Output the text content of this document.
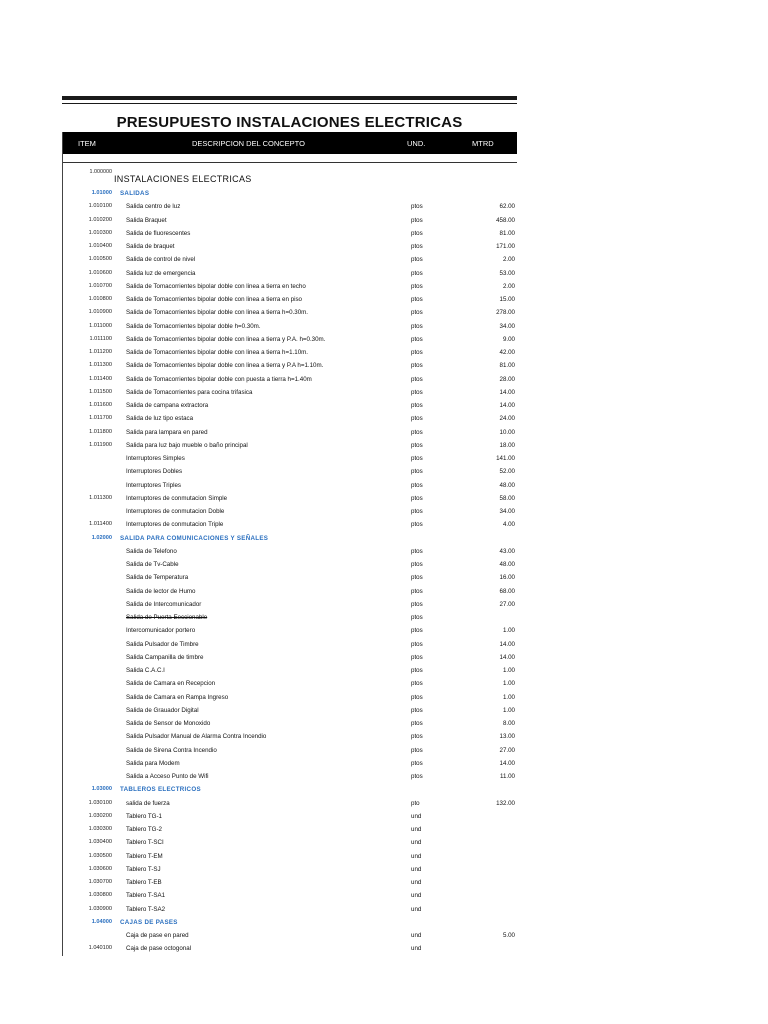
PRESUPUESTO INSTALACIONES ELECTRICAS
ITEM	DESCRIPCION DEL CONCEPTO	UND.	MTRD
1.000000
INSTALACIONES ELECTRICAS
1.01000 SALIDAS
1.010100 Salida centro de luz	ptos	62.00
1.010200 Salida Braquet	ptos	458.00
1.010300 Salida de fluorescentes	ptos	81.00
1.010400 Salida de braquet	ptos	171.00
1.010500 Salida de control de nivel	ptos	2.00
1.010600 Salida luz de emergencia	ptos	53.00
1.010700 Salida de Tomacorrientes bipolar doble con linea a tierra en techo	ptos	2.00
1.010800 Salida de Tomacorrientes bipolar doble con linea a tierra en piso	ptos	15.00
1.010900 Salida de Tomacorrientes bipolar doble con linea a tierra h=0.30m.	ptos	278.00
1.011000 Salida de Tomacorrientes bipolar doble h=0.30m.	ptos	34.00
1.011100 Salida de Tomacorrientes bipolar doble con linea a tierra y P.A. h=0.30m.	ptos	9.00
1.011200 Salida de Tomacorrientes bipolar doble con linea a tierra h=1.10m.	ptos	42.00
1.011300 Salida de Tomacorrientes bipolar doble con linea a tierra y P.A h=1.10m.	ptos	81.00
1.011400 Salida de Tomacorrientes bipolar doble con puesta a tierra h=1.40m	ptos	28.00
1.011500 Salida de Tomacorrientes para cocina trifasica	ptos	14.00
1.011600 Salida de campana extractora	ptos	14.00
1.011700 Salida de luz tipo estaca	ptos	24.00
1.011800 Salida para lampara en pared	ptos	10.00
1.011900 Salida para luz bajo mueble o baño principal	ptos	18.00
Interruptores Simples	ptos	141.00
Interruptores Dobles	ptos	52.00
Interruptores Triples	ptos	48.00
1.011300 Interruptores de conmutacion Simple	ptos	58.00
Interruptores de conmutacion Doble	ptos	34.00
1.011400 Interruptores de conmutacion Triple	ptos	4.00
1.02000 SALIDA PARA COMUNICACIONES Y SEÑALES
Salida de Telefono	ptos	43.00
Salida de Tv-Cable	ptos	48.00
Salida de Temperatura	ptos	16.00
Salida de lector de Humo	ptos	68.00
Salida de Intercomunicador	ptos	27.00
Salida de Puerta Eeccionable	ptos
Intercomunicador portero	ptos	1.00
Salida Pulsador de Timbre	ptos	14.00
Salida Campanilla de timbre	ptos	14.00
Salida C.A.C.I	ptos	1.00
Salida de Camara en Recepcion	ptos	1.00
Salida de Camara en Rampa Ingreso	ptos	1.00
Salida de Grauador Digital	ptos	1.00
Salida de Sensor de Monoxido	ptos	8.00
Salida Pulsador Manual de Alarma Contra Incendio	ptos	13.00
Salida de Sirena Contra Incendio	ptos	27.00
Salida para Modem	ptos	14.00
Salida a Acceso Punto de Wifi	ptos	11.00
1.03000 TABLEROS ELECTRICOS
1.030100 salida de fuerza	pto	132.00
1.030200 Tablero TG-1	und
1.030300 Tablero TG-2	und
1.030400 Tablero T-SCI	und
1.030500 Tablero T-EM	und
1.030600 Tablero T-SJ	und
1.030700 Tablero T-EB	und
1.030800 Tablero T-SA1	und
1.030900 Tablero T-SA2	und
1.04000 CAJAS DE PASES
Caja de pase en pared	und	5.00
1.040100 Caja de pase octogonal	und
